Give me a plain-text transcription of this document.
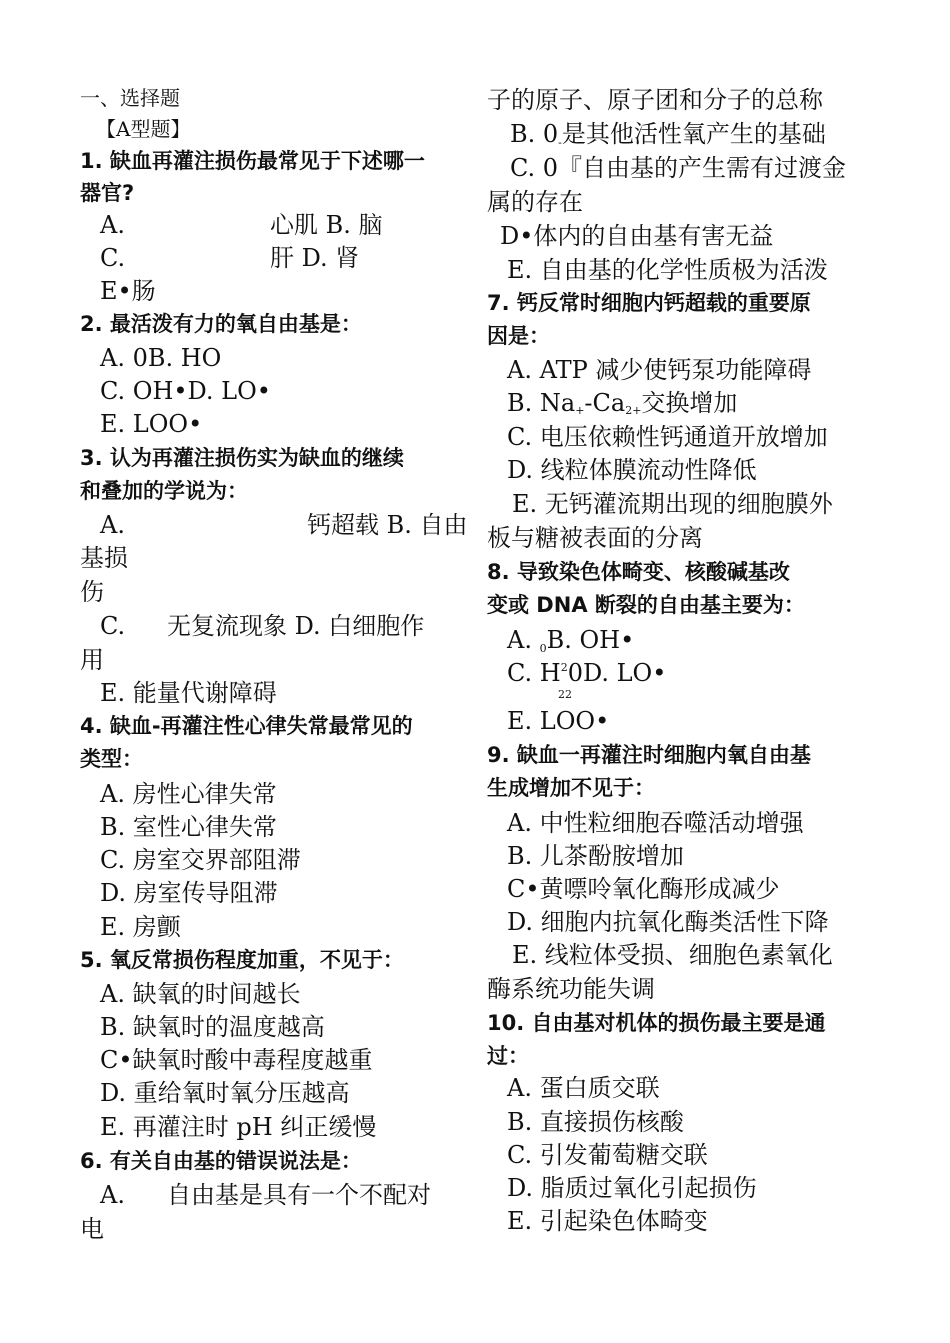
一、选择题
【A型题】
1. 缺血再灌注损伤最常见于下述哪一
器官?
A.	心肌 B. 脑
C.	肝 D. 肾
E•肠
2. 最活泼有力的氧自由基是：
A. 0B. HO
C. OH•D. LO•
E. LOO•
3. 认为再灌注损伤实为缺血的继续
和叠加的学说为：
A.	钙超载 B. 自由
基损
伤
C. 无复流现象 D. 白细胞作
用
E. 能量代谢障碍
4. 缺血-再灌注性心律失常最常见的
类型：
A. 房性心律失常
B. 室性心律失常
C. 房室交界部阻滞
D. 房室传导阻滞
E. 房颤
5. 氧反常损伤程度加重，不见于：
A. 缺氧的时间越长
B. 缺氧时的温度越高
C•缺氧时酸中毒程度越重
D. 重给氧时氧分压越高
E. 再灌注时 pH 纠正缓慢
6. 有关自由基的错误说法是：
A. 自由基是具有一个不配对
电
子的原子、原子团和分子的总称
B. 0-是其他活性氧产生的基础
C. 0『自由基的产生需有过渡金
属的存在
D•体内的自由基有害无益
E. 自由基的化学性质极为活泼
7. 钙反常时细胞内钙超载的重要原
因是：
A. ATP 减少使钙泵功能障碍
B. Na+-Ca2+交换增加
C. 电压依赖性钙通道开放增加
D. 线粒体膜流动性降低
E. 无钙灌流期出现的细胞膜外
板与糖被表面的分离
8. 导致染色体畸变、核酸碱基改
变或 DNA 断裂的自由基主要为：
A. 0B. OH•
C. $H^20D$. LO•
22
E. LOO•
9. 缺血一再灌注时细胞内氧自由基
生成增加不见于：
A. 中性粒细胞吞噬活动增强
B. 儿茶酚胺增加
C•黄嘌呤氧化酶形成减少
D. 细胞内抗氧化酶类活性下降
E. 线粒体受损、细胞色素氧化
酶系统功能失调
10. 自由基对机体的损伤最主要是通
过：
A. 蛋白质交联
B. 直接损伤核酸
C. 引发葡萄糖交联
D. 脂质过氧化引起损伤
E. 引起染色体畸变
